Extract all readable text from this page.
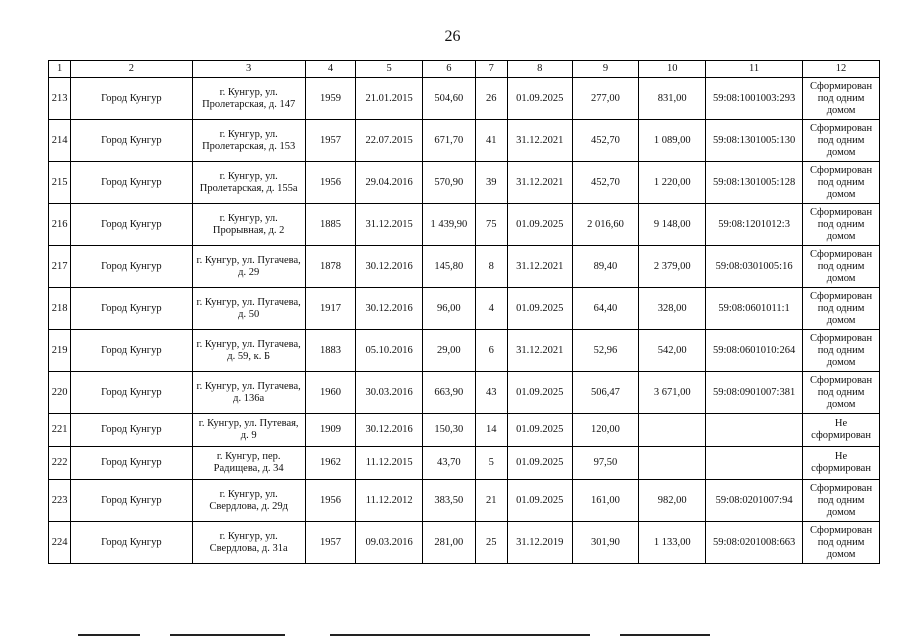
26
1	2	3	4	5	6	7	8	9	10	11	12
213	Город Кунгур	г. Кунгур, ул. Пролетарская, д. 147	1959	21.01.2015	504,60	26	01.09.2025	277,00	831,00	59:08:1001003:293	Сформирован под одним домом
214	Город Кунгур	г. Кунгур, ул. Пролетарская, д. 153	1957	22.07.2015	671,70	41	31.12.2021	452,70	1 089,00	59:08:1301005:130	Сформирован под одним домом
215	Город Кунгур	г. Кунгур, ул. Пролетарская, д. 155а	1956	29.04.2016	570,90	39	31.12.2021	452,70	1 220,00	59:08:1301005:128	Сформирован под одним домом
216	Город Кунгур	г. Кунгур, ул. Прорывная, д. 2	1885	31.12.2015	1 439,90	75	01.09.2025	2 016,60	9 148,00	59:08:1201012:3	Сформирован под одним домом
217	Город Кунгур	г. Кунгур, ул. Пугачева, д. 29	1878	30.12.2016	145,80	8	31.12.2021	89,40	2 379,00	59:08:0301005:16	Сформирован под одним домом
218	Город Кунгур	г. Кунгур, ул. Пугачева, д. 50	1917	30.12.2016	96,00	4	01.09.2025	64,40	328,00	59:08:0601011:1	Сформирован под одним домом
219	Город Кунгур	г. Кунгур, ул. Пугачева, д. 59, к. Б	1883	05.10.2016	29,00	6	31.12.2021	52,96	542,00	59:08:0601010:264	Сформирован под одним домом
220	Город Кунгур	г. Кунгур, ул. Пугачева, д. 136а	1960	30.03.2016	663,90	43	01.09.2025	506,47	3 671,00	59:08:0901007:381	Сформирован под одним домом
221	Город Кунгур	г. Кунгур, ул. Путевая, д. 9	1909	30.12.2016	150,30	14	01.09.2025	120,00			Не сформирован
222	Город Кунгур	г. Кунгур, пер. Радищева, д. 34	1962	11.12.2015	43,70	5	01.09.2025	97,50			Не сформирован
223	Город Кунгур	г. Кунгур, ул. Свердлова, д. 29д	1956	11.12.2012	383,50	21	01.09.2025	161,00	982,00	59:08:0201007:94	Сформирован под одним домом
224	Город Кунгур	г. Кунгур, ул. Свердлова, д. 31а	1957	09.03.2016	281,00	25	31.12.2019	301,90	1 133,00	59:08:0201008:663	Сформирован под одним домом
